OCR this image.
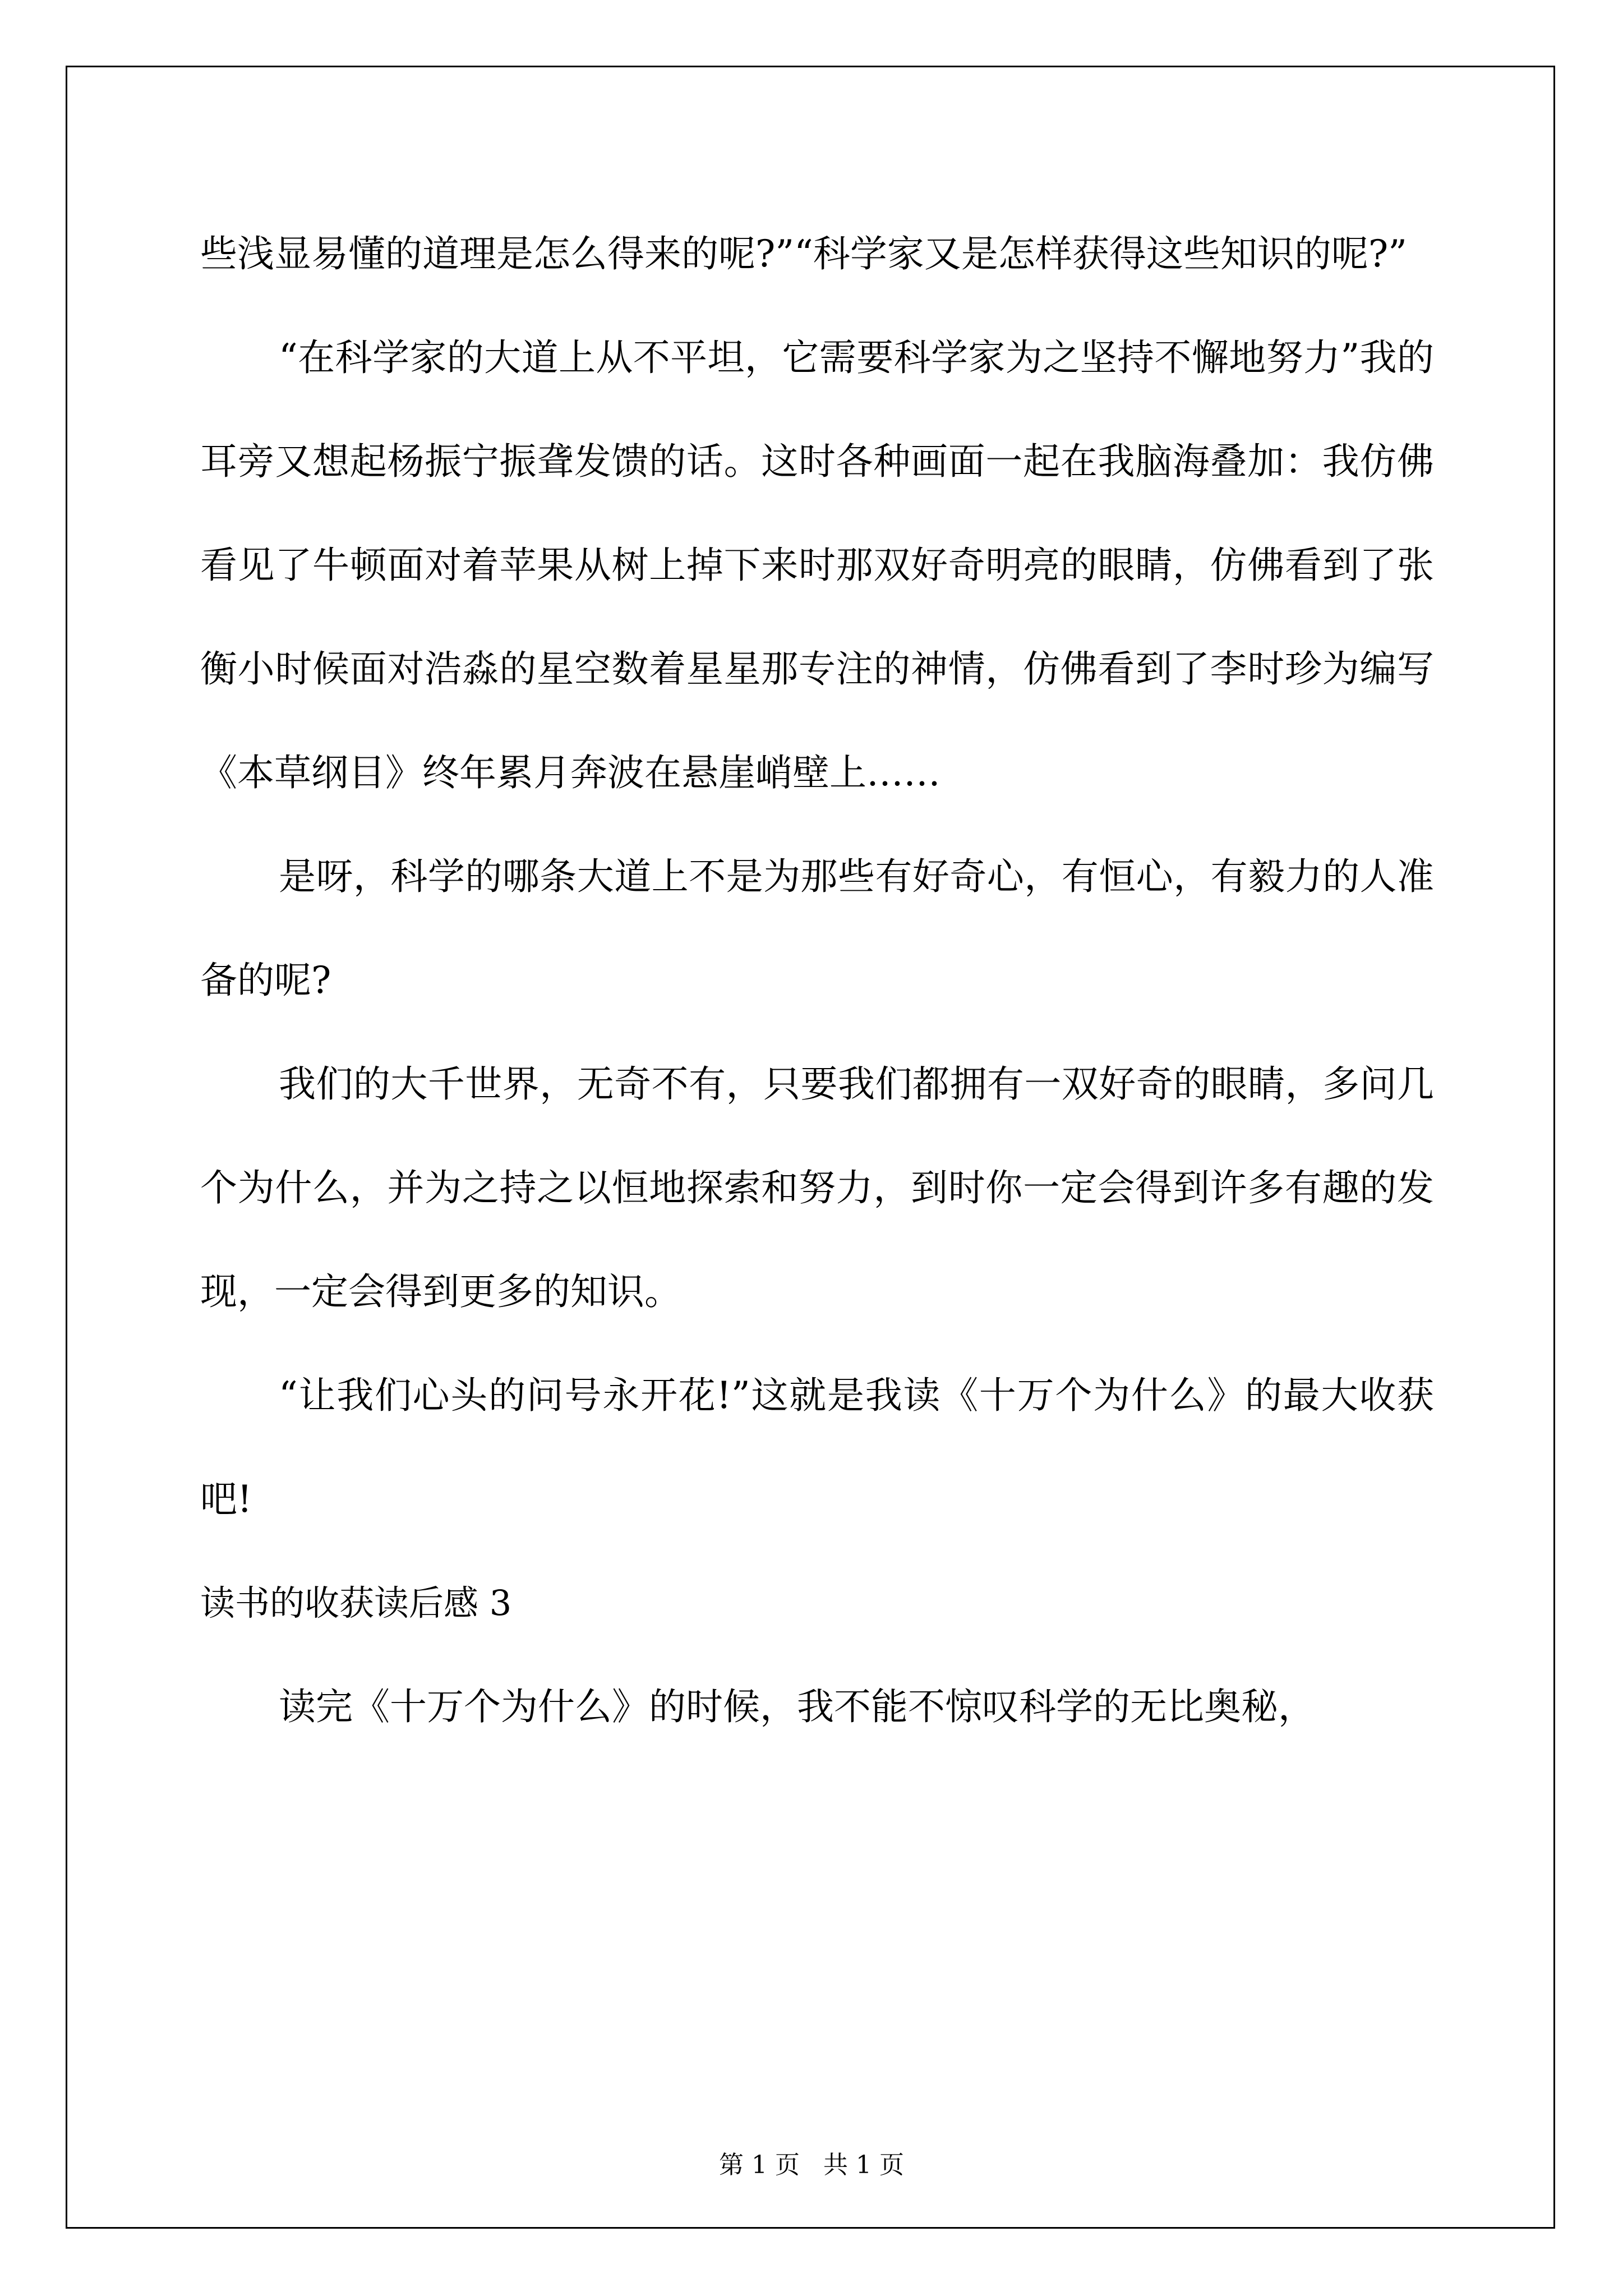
些浅显易懂的道理是怎么得来的呢?”“科学家又是怎样获得这些知识的呢?”

“在科学家的大道上从不平坦，它需要科学家为之坚持不懈地努力”我的耳旁又想起杨振宁振聋发馈的话。这时各种画面一起在我脑海叠加：我仿佛看见了牛顿面对着苹果从树上掉下来时那双好奇明亮的眼睛，仿佛看到了张衡小时候面对浩淼的星空数着星星那专注的神情，仿佛看到了李时珍为编写《本草纲目》终年累月奔波在悬崖峭壁上……

是呀，科学的哪条大道上不是为那些有好奇心，有恒心，有毅力的人准备的呢?

我们的大千世界，无奇不有，只要我们都拥有一双好奇的眼睛，多问几个为什么，并为之持之以恒地探索和努力，到时你一定会得到许多有趣的发现，一定会得到更多的知识。

“让我们心头的问号永开花!”这就是我读《十万个为什么》的最大收获吧!

读书的收获读后感 3

读完《十万个为什么》的时候，我不能不惊叹科学的无比奥秘，

第 1 页   共 1 页
